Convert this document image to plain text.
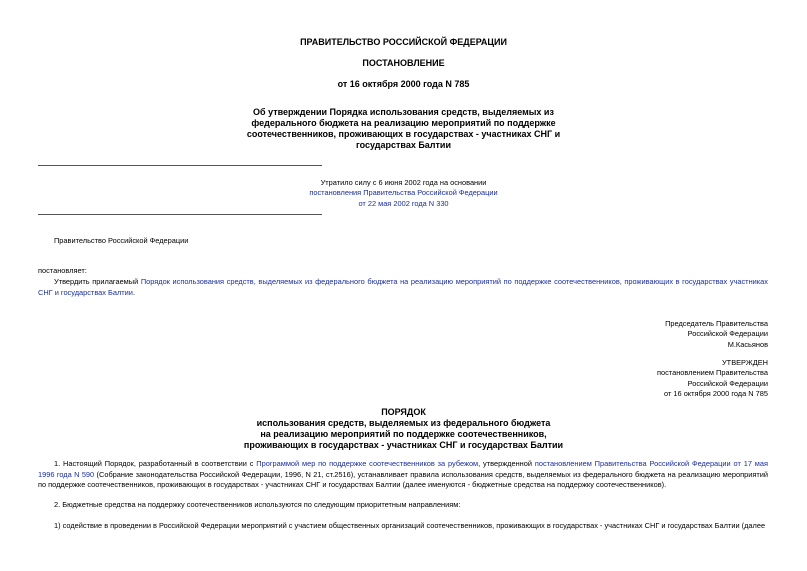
ПРАВИТЕЛЬСТВО РОССИЙСКОЙ ФЕДЕРАЦИИ
ПОСТАНОВЛЕНИЕ
от 16 октября 2000 года N 785
Об утверждении Порядка использования средств, выделяемых из
федерального бюджета на реализацию мероприятий по поддержке
соотечественников, проживающих в государствах - участниках СНГ и
государствах Балтии
Утратило силу с 6 июня 2002 года на основании
постановления Правительства Российской Федерации
от 22 мая 2002 года N 330
Правительство Российской Федерации
постановляет:
Утвердить прилагаемый Порядок использования средств, выделяемых из федерального бюджета на реализацию мероприятий по поддержке соотечественников, проживающих в государствах участниках СНГ и государствах Балтии.
Председатель Правительства
Российской Федерации
М.Касьянов
УТВЕРЖДЕН
постановлением Правительства
Российской Федерации
от 16 октября 2000 года N 785
ПОРЯДОК
использования средств, выделяемых из федерального бюджета
на реализацию мероприятий по поддержке соотечественников,
проживающих в государствах - участниках СНГ и государствах Балтии
1. Настоящий Порядок, разработанный в соответствии с Программой мер по поддержке соотечественников за рубежом, утвержденной постановлением Правительства Российской Федерации от 17 мая 1996 года N 590 (Собрание законодательства Российской Федерации, 1996, N 21, ст.2516), устанавливает правила использования средств, выделяемых из федерального бюджета на реализацию мероприятий по поддержке соотечественников, проживающих в государствах - участниках СНГ и государствах Балтии (далее именуются - бюджетные средства на поддержку соотечественников).
2. Бюджетные средства на поддержку соотечественников используются по следующим приоритетным направлениям:
1) содействие в проведении в Российской Федерации мероприятий с участием общественных организаций соотечественников, проживающих в государствах - участниках СНГ и государствах Балтии (далее
